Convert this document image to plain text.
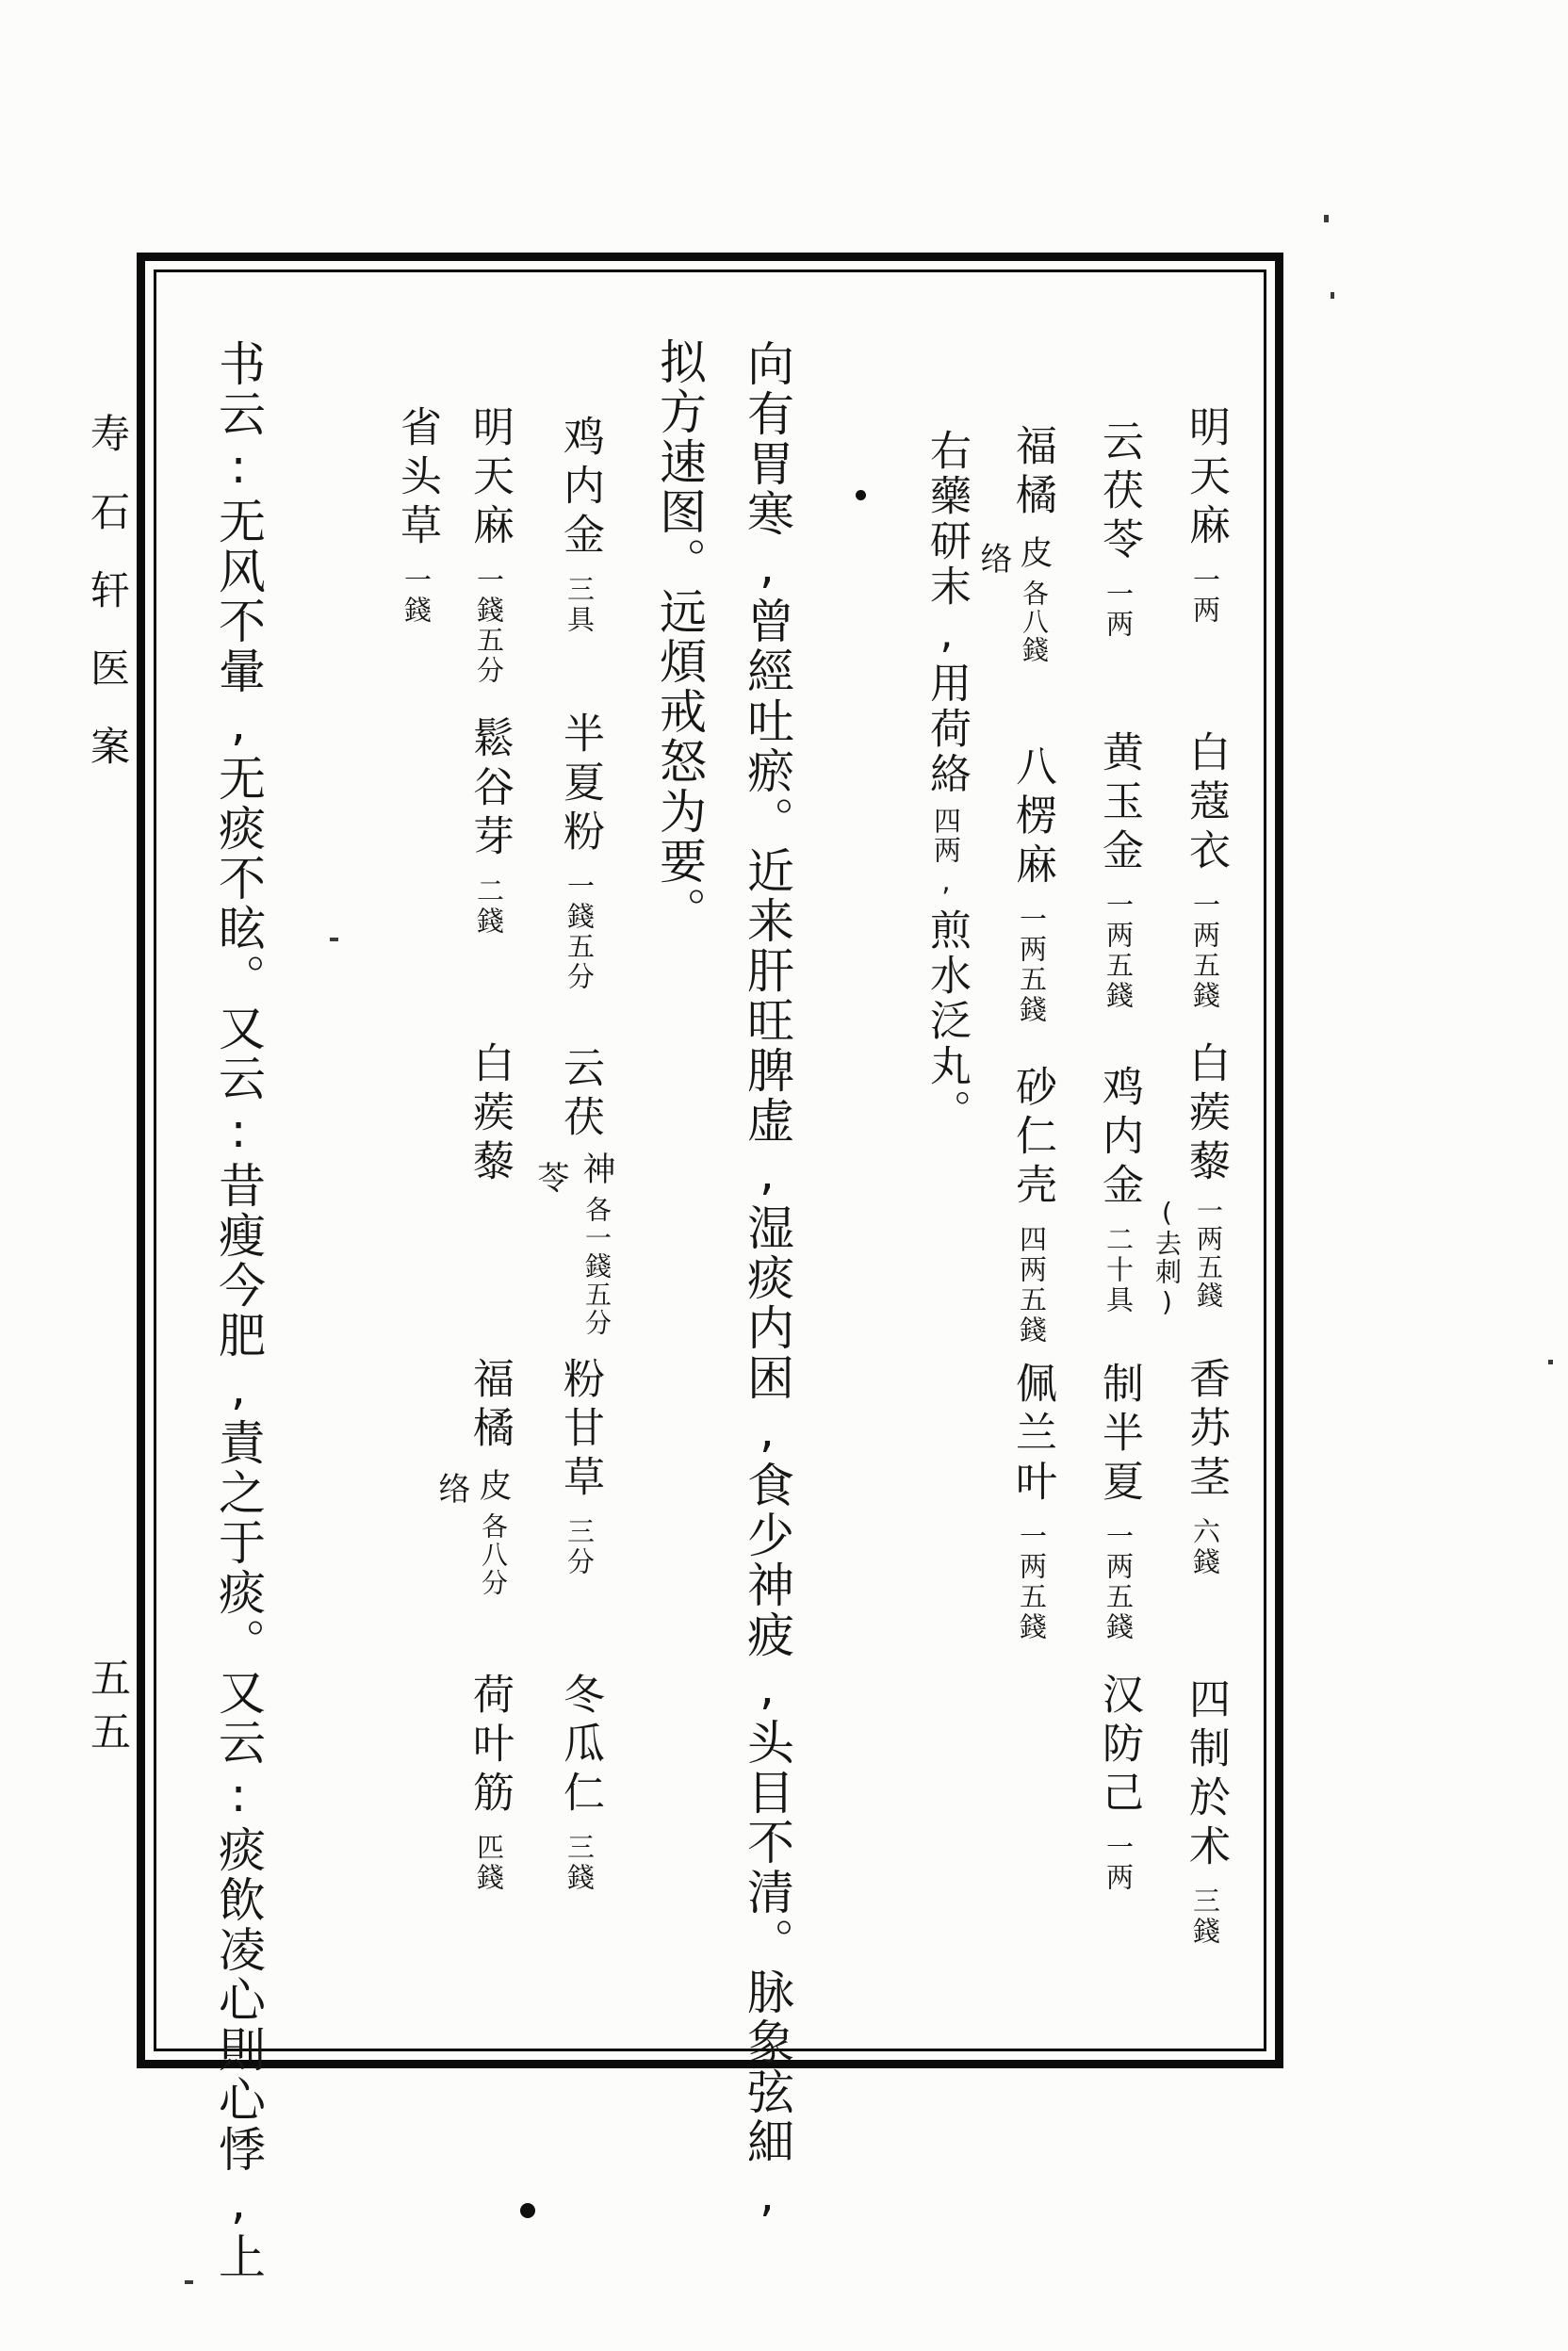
寿石轩医案
五五
明天麻一两
白蔻衣一两五錢
白蒺藜
一两五錢
(去刺)
香苏茎六錢
四制於术三錢
云茯苓一两
黄玉金一两五錢
鸡内金二十具
制半夏一两五錢
汉防己一两
福橘
皮各八錢
络
八楞麻一两五錢
砂仁壳四两五錢
佩兰叶一两五錢
右藥研末,用荷絡四两,煎水泛丸。
向有胃寒,曾經吐瘀。近来肝旺脾虚,湿痰内困,食少神疲,头目不清。脉象弦細,
拟方速图。远煩戒怒为要。
鸡内金三具
半夏粉一錢五分
云茯
神各一錢五分
苓
粉甘草三分
冬瓜仁三錢
明天麻一錢五分
鬆谷芽二錢
白蒺藜
福橘
皮各八分
络
荷叶筋匹錢
省头草一錢
书云:无风不暈,无痰不眩。又云:昔瘦今肥,責之于痰。又云:痰飲凌心則心悸,上
